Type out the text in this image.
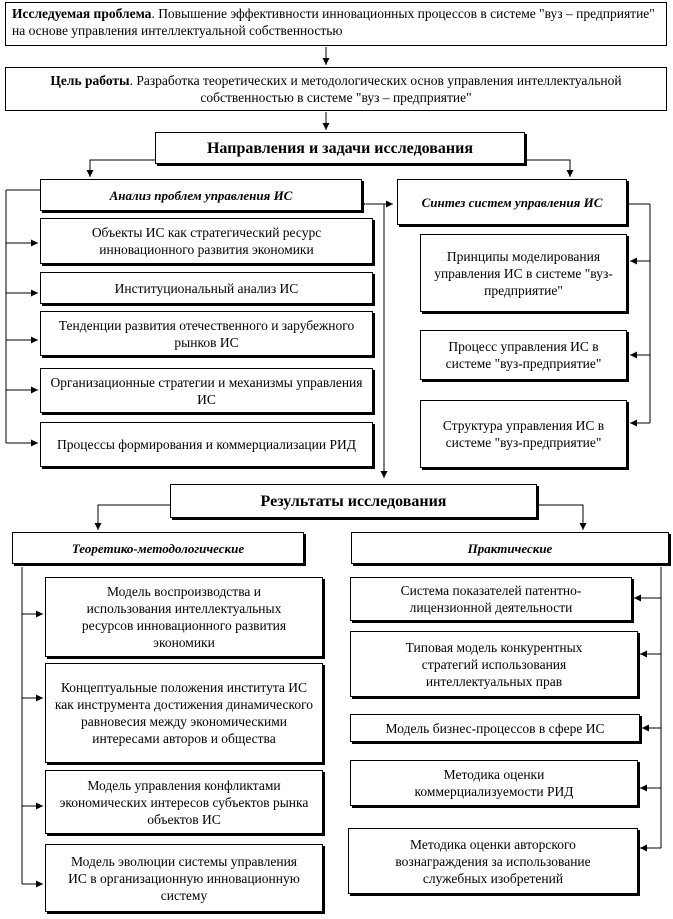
Исследуемая проблема. Повышение эффективности инновационных процессов в системе "вуз – предприятие" на основе управления интеллектуальной собственностью
Цель работы. Разработка теоретических и методологических основ управления интеллектуальной собственностью в системе "вуз – предприятие"
Направления и задачи исследования
Анализ проблем управления ИС
Объекты ИС как стратегический ресурс инновационного развития экономики
Институциональный анализ ИС
Тенденции развития отечественного и зарубежного рынков ИС
Организационные стратегии и механизмы управления ИС
Процессы формирования и коммерциализации РИД
Синтез систем управления ИС
Принципы моделирования управления ИС в системе "вуз-предприятие"
Процесс управления ИС в системе "вуз-предприятие"
Структура управления ИС в системе "вуз-предприятие"
Результаты исследования
Теоретико-методологические	Практические
Модель воспроизводства и использования интеллектуальных ресурсов инновационного развития экономики
Концептуальные положения института ИС как инструмента достижения динамического равновесия между экономическими интересами авторов и общества
Модель управления конфликтами экономических интересов субъектов рынка объектов ИС
Модель эволюции системы управления ИС в организационную инновационную систему
Система показателей патентно-лицензионной деятельности
Типовая модель конкурентных стратегий использования интеллектуальных прав
Модель бизнес-процессов в сфере ИС
Методика оценки коммерциализуемости РИД
Методика оценки авторского вознаграждения за использование служебных изобретений
